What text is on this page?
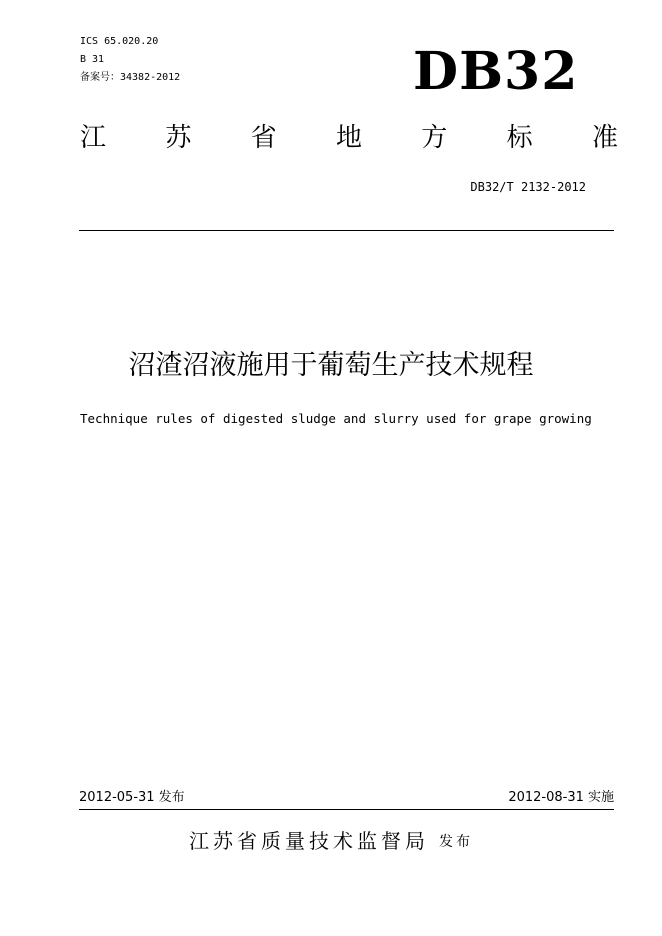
ICS 65.020.20
B 31
备案号：34382-2012	DB32
江 苏 省 地 方 标 准
DB32/T 2132-2012
沼渣沼液施用于葡萄生产技术规程
Technique rules of digested sludge and slurry used for grape growing
2012-05-31 发布	2012-08-31 实施
江苏省质量技术监督局 发布
